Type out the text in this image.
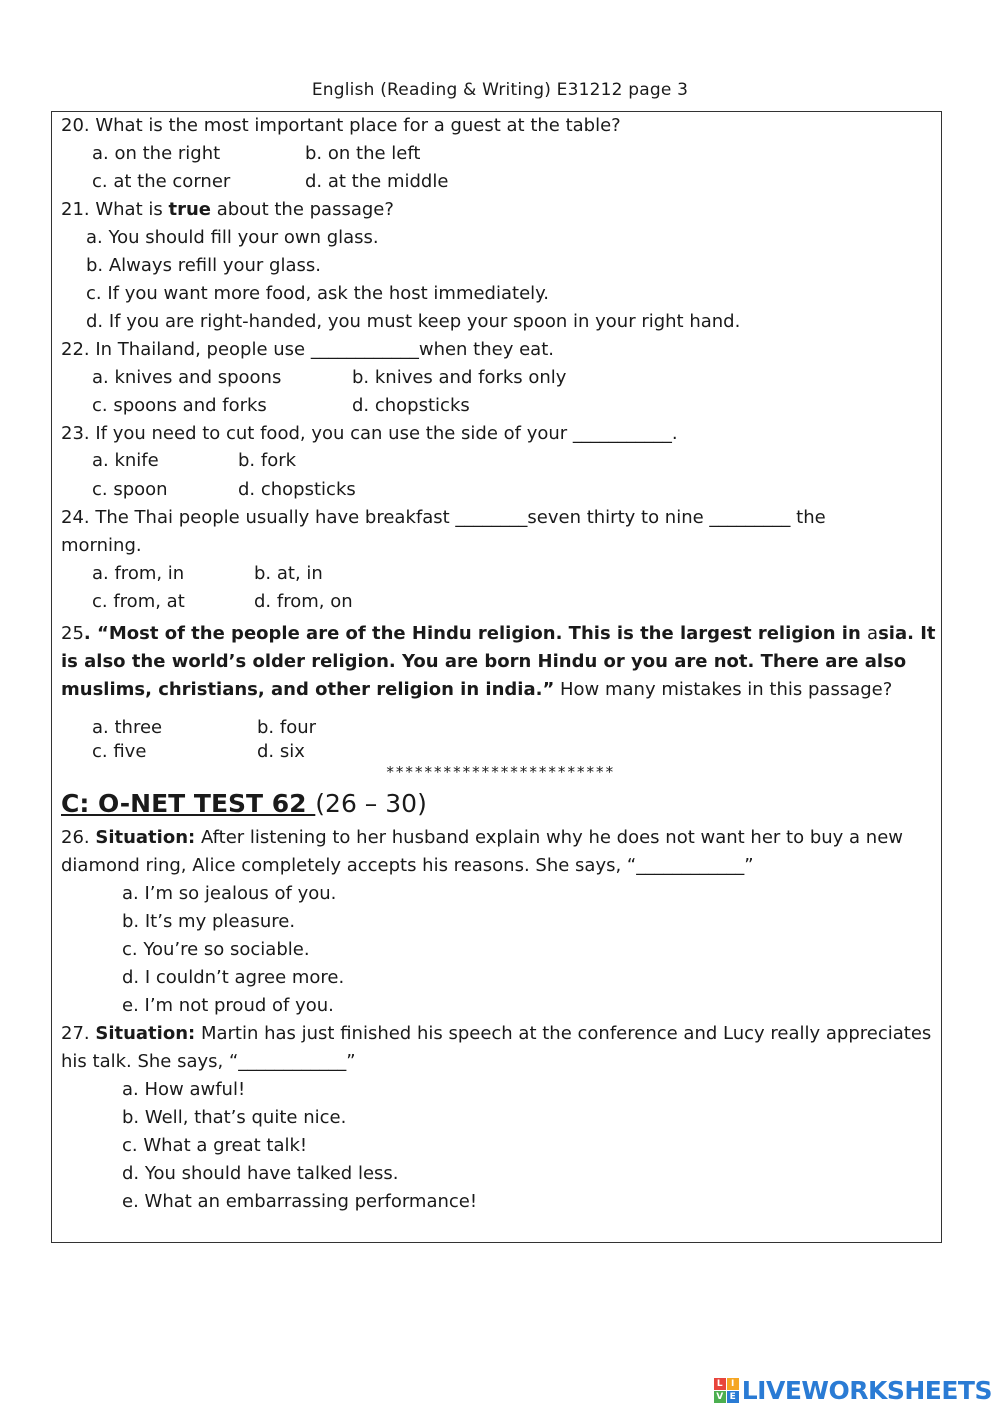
English (Reading & Writing) E31212 page 3
20. What is the most important place for a guest at the table?
a. on the right	b. on the left
c. at the corner	d. at the middle
21. What is true about the passage?
a. You should fill your own glass.
b. Always refill your glass.
c. If you want more food, ask the host immediately.
d. If you are right-handed, you must keep your spoon in your right hand.
22. In Thailand, people use ____________when they eat.
a. knives and spoons	b. knives and forks only
c. spoons and forks	d. chopsticks
23. If you need to cut food, you can use the side of your ___________.
a. knife	b. fork
c. spoon	d. chopsticks
24. The Thai people usually have breakfast ________seven thirty to nine _________ the
morning.
a. from, in	b. at, in
c. from, at	d. from, on
25. “Most of the people are of the Hindu religion. This is the largest religion in asia. It
is also the world’s older religion. You are born Hindu or you are not. There are also
muslims, christians, and other religion in india.” How many mistakes in this passage?
a. three	b. four
c. five	d. six
************************
C: O-NET TEST 62 (26 – 30)
26. Situation: After listening to her husband explain why he does not want her to buy a new
diamond ring, Alice completely accepts his reasons. She says, “____________”
a. I’m so jealous of you.
b. It’s my pleasure.
c. You’re so sociable.
d. I couldn’t agree more.
e. I’m not proud of you.
27. Situation: Martin has just finished his speech at the conference and Lucy really appreciates
his talk. She says, “____________”
a. How awful!
b. Well, that’s quite nice.
c. What a great talk!
d. You should have talked less.
e. What an embarrassing performance!
L I
V E LIVEWORKSHEETS
